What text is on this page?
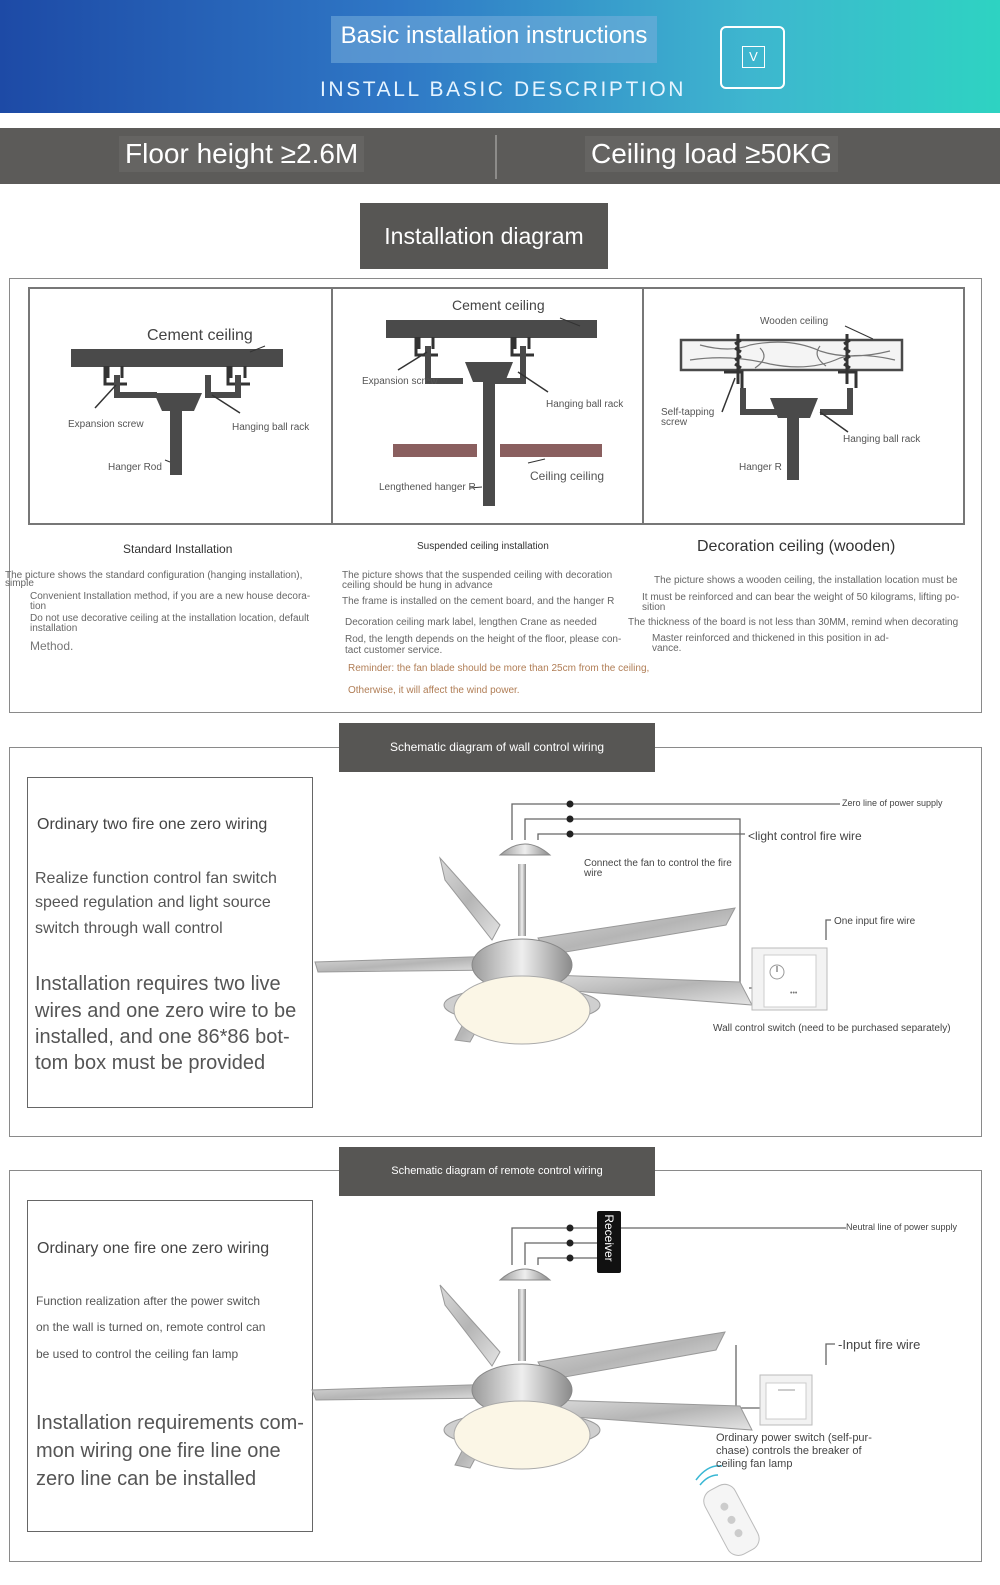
Basic installation instructions
INSTALL BASIC DESCRIPTION
V
Floor height ≥2.6M	Ceiling load ≥50KG
Installation diagram
Cement ceiling
Expansion screw	Hanging ball rack
Hanger Rod
Cement ceiling
Expansion screw
Hanging ball rack
Ceiling ceiling
Lengthened hanger R
Wooden ceiling
Self-tapping
screw
Hanging ball rack
Hanger R
Standard Installation	Suspended ceiling installation	Decoration ceiling (wooden)
The picture shows the standard configuration (hanging installation),
simple
Convenient Installation method, if you are a new house decora-
tion
Do not use decorative ceiling at the installation location, default
installation
Method.
The picture shows that the suspended ceiling with decoration
ceiling should be hung in advance
The frame is installed on the cement board, and the hanger R
Decoration ceiling mark label, lengthen Crane as needed
Rod, the length depends on the height of the floor, please con-
tact customer service.
Reminder: the fan blade should be more than 25cm from the ceiling,
Otherwise, it will affect the wind power.
The picture shows a wooden ceiling, the installation location must be
It must be reinforced and can bear the weight of 50 kilograms, lifting po-
sition
The thickness of the board is not less than 30MM, remind when decorating
Master reinforced and thickened in this position in ad-
vance.
Schematic diagram of wall control wiring
Ordinary two fire one zero wiring
Realize function control fan switch
speed regulation and light source
switch through wall control
Installation requires two live
wires and one zero wire to be
installed, and one 86*86 bot-
tom box must be provided
•••
Zero line of power supply
<light control fire wire
Connect the fan to control the fire
wire
One input fire wire
Wall control switch (need to be purchased separately)
Schematic diagram of remote control wiring
Ordinary one fire one zero wiring
Function realization after the power switch
on the wall is turned on, remote control can
be used to control the ceiling fan lamp
Installation requirements com-
mon wiring one fire line one
zero line can be installed
Receiver	Neutral line of power supply
-Input fire wire
Ordinary power switch (self-pur-
chase) controls the breaker of
ceiling fan lamp
